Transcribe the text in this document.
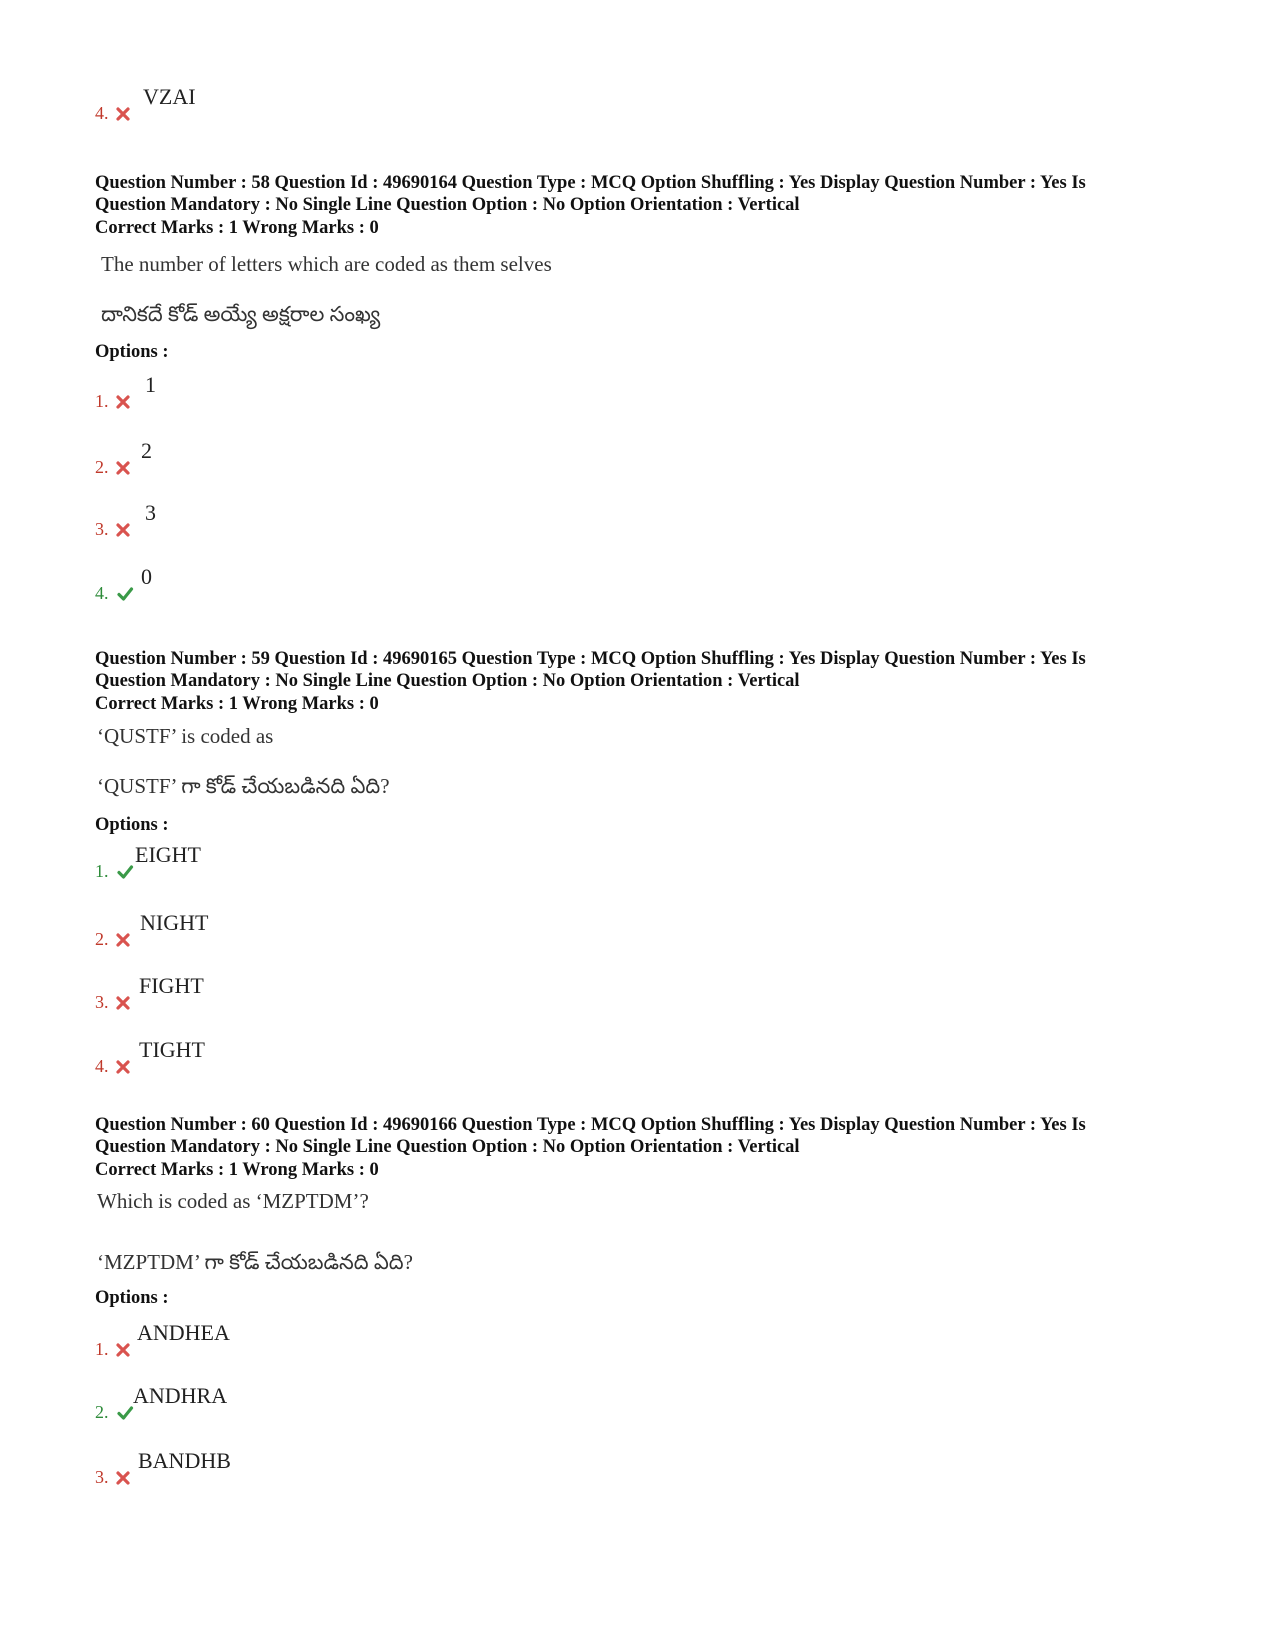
4.
VZAI
Question Number : 58 Question Id : 49690164 Question Type : MCQ Option Shuffling : Yes Display Question Number : Yes Is
Question Mandatory : No Single Line Question Option : No Option Orientation : Vertical
Correct Marks : 1 Wrong Marks : 0
The number of letters which are coded as them selves
దానికదే కోడ్ అయ్యే అక్షరాల సంఖ్య
Options :
1.
1
2.
2
3.
3
4.
0
Question Number : 59 Question Id : 49690165 Question Type : MCQ Option Shuffling : Yes Display Question Number : Yes Is
Question Mandatory : No Single Line Question Option : No Option Orientation : Vertical
Correct Marks : 1 Wrong Marks : 0
‘QUSTF’ is coded as
‘QUSTF’ గా కోడ్ చేయబడినది ఏది?
Options :
1.
EIGHT
2.
NIGHT
3.
FIGHT
4.
TIGHT
Question Number : 60 Question Id : 49690166 Question Type : MCQ Option Shuffling : Yes Display Question Number : Yes Is
Question Mandatory : No Single Line Question Option : No Option Orientation : Vertical
Correct Marks : 1 Wrong Marks : 0
Which is coded as ‘MZPTDM’?
‘MZPTDM’ గా కోడ్ చేయబడినది ఏది?
Options :
1.
ANDHEA
2.
ANDHRA
3.
BANDHB
